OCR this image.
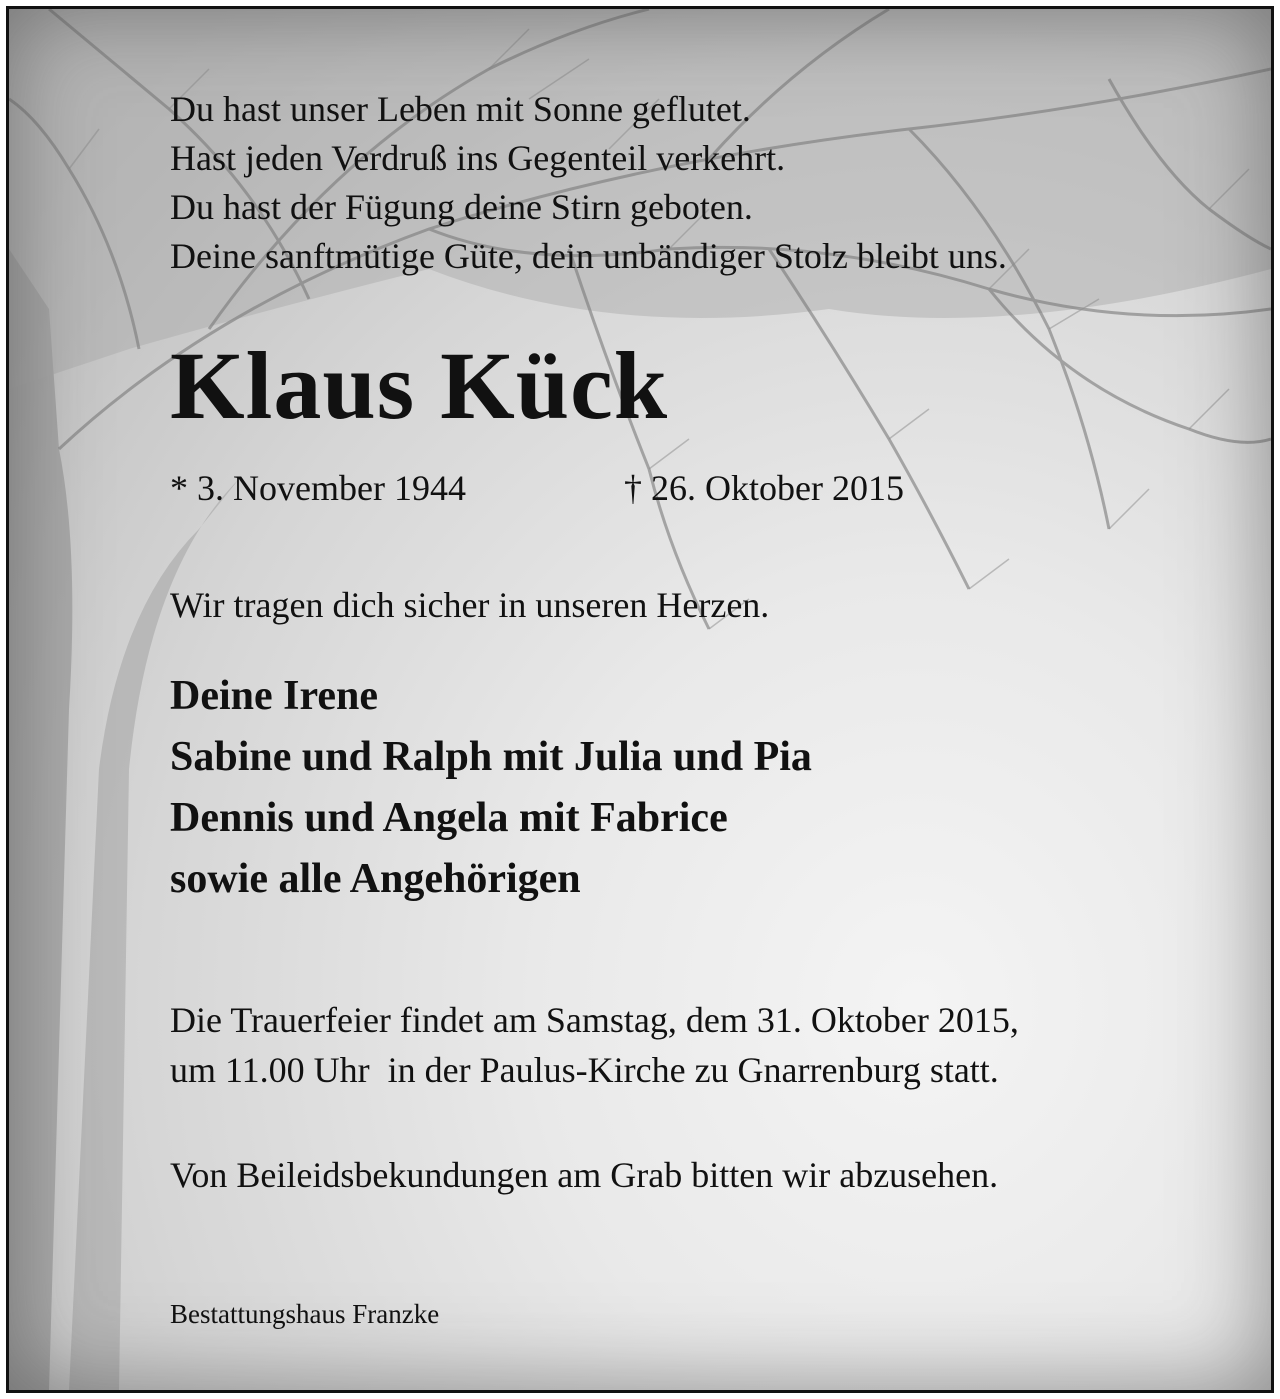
Du hast unser Leben mit Sonne geflutet.
Hast jeden Verdruß ins Gegenteil verkehrt.
Du hast der Fügung deine Stirn geboten.
Deine sanftmütige Güte, dein unbändiger Stolz bleibt uns.
Klaus Kück
* 3. November 1944	† 26. Oktober 2015
Wir tragen dich sicher in unseren Herzen.
Deine Irene
Sabine und Ralph mit Julia und Pia
Dennis und Angela mit Fabrice
sowie alle Angehörigen
Die Trauerfeier findet am Samstag, dem 31. Oktober 2015,
um 11.00 Uhr  in der Paulus-Kirche zu Gnarrenburg statt.
Von Beileidsbekundungen am Grab bitten wir abzusehen.
Bestattungshaus Franzke
